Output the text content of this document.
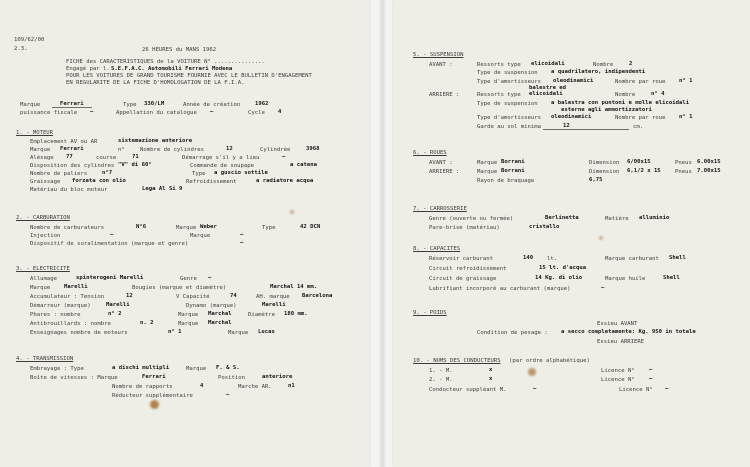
109/62/00
2.3.	26 HEURES du MANS 1962
FICHE des CARACTERISTIQUES de la VOITURE N° ...............
Engagé par l. S.E.F.A.C. Automobili Ferrari Modena
POUR LES VOITURES DE GRAND TOURISME FOURNIE AVEC LE BULLETIN D'ENGAGEMENT
EN REGULARITE DE LA FICHE D'HOMOLOGATION DE LA F.I.A.
Marque	Ferrari	Type 330/LM	Année de création	1962
puissance fiscale —	Appellation du catalogue —	Cycle 4
1. - MOTEUR
Emplacement AV ou AR	sistemazione anteriore
Marque Ferrari	n°	Nombre de cylindres	12	Cylindrée	3968
Alésage 77	course	71	Démarrage s'il y a lieu	—
Disposition des cylindres "V" di 60°	Commande de soupape	a catena
Nombre de paliers	n°7	Type a guscio sottile
Graissage forzata con olio	Refroidissement	a radiatore acqua
Matériau du bloc moteur	Lega Al Si 9
2. - CARBURATION
Nombre de carburateurs	N°6	Marque Weber	Type	42 DCN
Injection	—	Marque	—
Dispositif de suralimentation (marque et genre)	—
3. - ELECTRICITE
Allumage	spinterogeni Marelli	Genre —
Marque Marelli	Bougies (marque et diamètre)	Marchal 14 mm.
Accumulateur : Tension	12	V Capacité	74	AH. marque Barcelona
Démarreur (marque)	Marelli	Dynamo (marque)	Marelli
Phares : nombre	n° 2	Marque Marchal	Diamètre 180 mm.
Antibrouillards : nombre	n. 2	Marque Marchal
Enseignages nombre de moteurs	n° 1	Marque Lucas
4. - TRANSMISSION
Embrayage : Type	a dischi multipli	Marque F. & S.
Boîte de vitesses : Marque	Ferrari	Position	anteriore
Nombre de rapports	4	Marche AR.	n1
Réducteur supplémentaire	—
5. - SUSPENSION
AVANT :	Ressorts type elicoidali	Nombre	2
Type de suspension a quadrilatero, indipendenti
Type d'amortisseurs oleodinamici	Nombre par roue n° 1
balestre ed
ARRIERE :	Ressorts type elicoidali	Nombre	n° 4
Type de suspension a balestra con puntoni e molle elicoidali
esterne agli ammortizzatori
Type d'amortisseurs oleodinamici	Nombre par roue n° 1
Garde au sol minima	12	cm.
6. - ROUES
AVANT :	Marque Borrani	Dimension 6/00x15	Pneus 6.00x15
ARRIERE :	Marque Borrani	Dimension 6,1/2 x 15	Pneus 7.00x15
Rayon de braquage	6,75
7. - CARROSSERIE
Genre (ouverte ou fermée)	Berlinetta	Matière alluminio
Pare-brise (matériau)	cristallo
8. - CAPACITES
Réservoir carburant	140 lt.	Marque carburant Shell
Circuit refroidissement	15 lt. d'acqua
Circuit de graissage	14 Kg. di olio	Marque huile	Shell
Lubrifiant incorporé au carburant (marque)	—
9. - POIDS
Essieu AVANT
Condition de pesage : a secco completamente: Kg. 950 in totale
Essieu ARRIERE
10. - NOMS DES CONDUCTEURS (par ordre alphabétique)
1. - M.	x	Licence N°	—
2. - M.	x	Licence N°	—
Conducteur suppléant M.	—	Licence N° —
